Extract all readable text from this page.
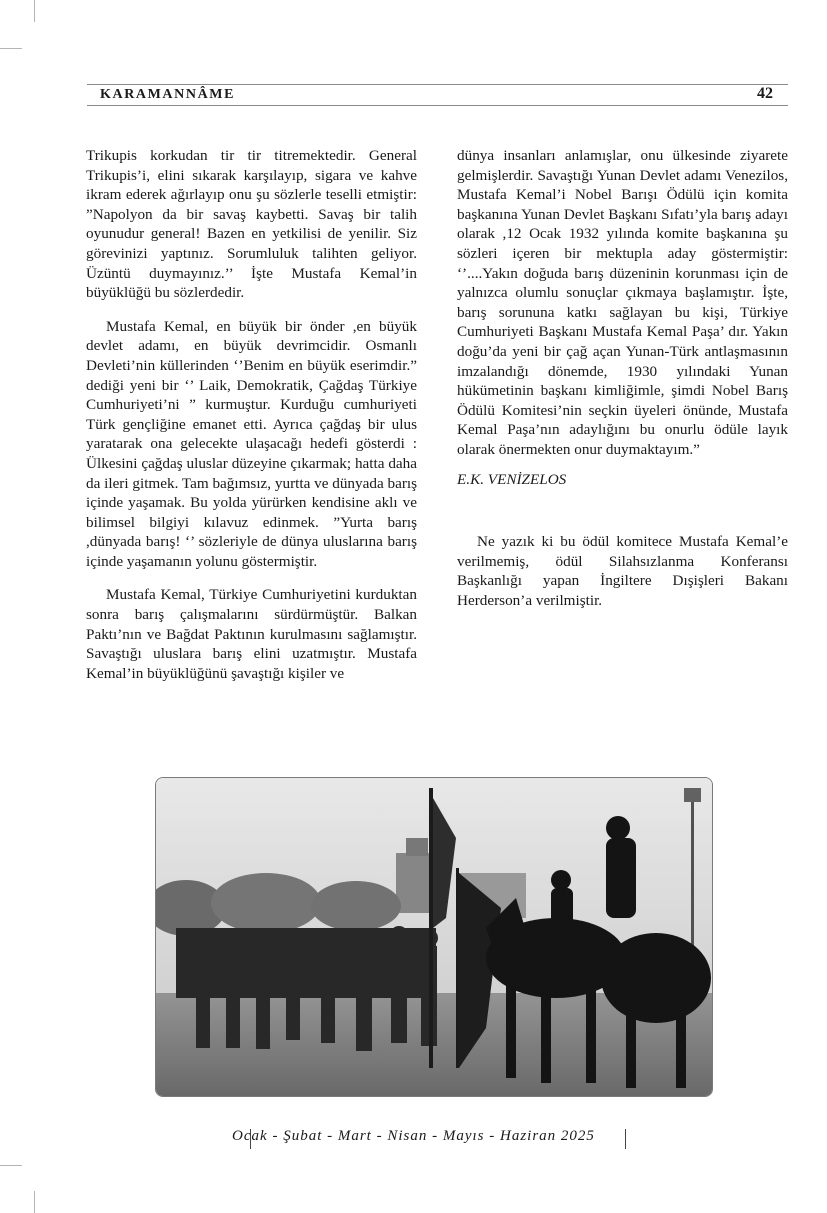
KARAMANNÂME	42

Trikupis korkudan tir tir titremektedir. General Trikupis’i, elini sıkarak karşılayıp, sigara ve kahve ikram ederek ağırlayıp onu şu sözlerle teselli etmiştir: ”Napolyon da bir savaş kaybetti. Savaş bir talih oyunudur general! Bazen en yetkilisi de yenilir. Siz görevinizi yaptınız. Sorumluluk talihten geliyor. Üzüntü duymayınız.’’ İşte Mustafa Kemal’in büyüklüğü bu sözlerdedir.

Mustafa Kemal, en büyük bir önder ,en büyük devlet adamı, en büyük devrimcidir. Osmanlı Devleti’nin küllerinden ‘’Benim en büyük eserimdir.” dediği yeni bir ‘’ Laik, Demokratik, Çağdaş Türkiye Cumhuriyeti’ni ” kurmuştur. Kurduğu cumhuriyeti Türk gençliğine emanet etti. Ayrıca çağdaş bir ulus yaratarak ona gelecekte ulaşacağı hedefi gösterdi : Ülkesini çağdaş uluslar düzeyine çıkarmak; hatta daha da ileri gitmek. Tam bağımsız, yurtta ve dünyada barış içinde yaşamak. Bu yolda yürürken kendisine aklı ve bilimsel bilgiyi kılavuz edinmek. ”Yurta barış ,dünyada barış! ‘’ sözleriyle de dünya uluslarına barış içinde yaşamanın yolunu göstermiştir.

Mustafa Kemal, Türkiye Cumhuriyetini kurduktan sonra barış çalışmalarını sürdürmüştür. Balkan Paktı’nın ve Bağdat Paktının kurulmasını sağlamıştır. Savaştığı uluslara barış elini uzatmıştır. Mustafa Kemal’in büyüklüğünü şavaştığı kişiler ve

dünya insanları anlamışlar, onu ülkesinde ziyarete gelmişlerdir. Savaştığı Yunan Devlet adamı Venezilos, Mustafa Kemal’i Nobel Barışı Ödülü için komita başkanına Yunan Devlet Başkanı Sıfatı’yla barış adayı olarak ,12 Ocak 1932 yılında komite başkanına şu sözleri içeren bir mektupla aday göstermiştir: ‘’....Yakın doğuda barış düzeninin korunması için de yalnızca olumlu sonuçlar çıkmaya başlamıştır. İşte, barış sorununa katkı sağlayan bu kişi, Türkiye Cumhuriyeti Başkanı Mustafa Kemal Paşa’ dır. Yakın doğu’da yeni bir çağ açan Yunan-Türk antlaşmasının imzalandığı dönemde, 1930 yılındaki Yunan hükümetinin başkanı kimliğimle, şimdi Nobel Barış Ödülü Komitesi’nin seçkin üyeleri önünde, Mustafa Kemal Paşa’nın adaylığını bu onurlu ödüle layık olarak önermekten onur duymaktayım.”

E.K. VENİZELOS

Ne yazık ki bu ödül komitece Mustafa Kemal’e verilmemiş, ödül Silahsızlanma Konferansı Başkanlığı yapan İngiltere Dışişleri Bakanı Herderson’a verilmiştir.

Ocak - Şubat - Mart - Nisan - Mayıs - Haziran 2025
